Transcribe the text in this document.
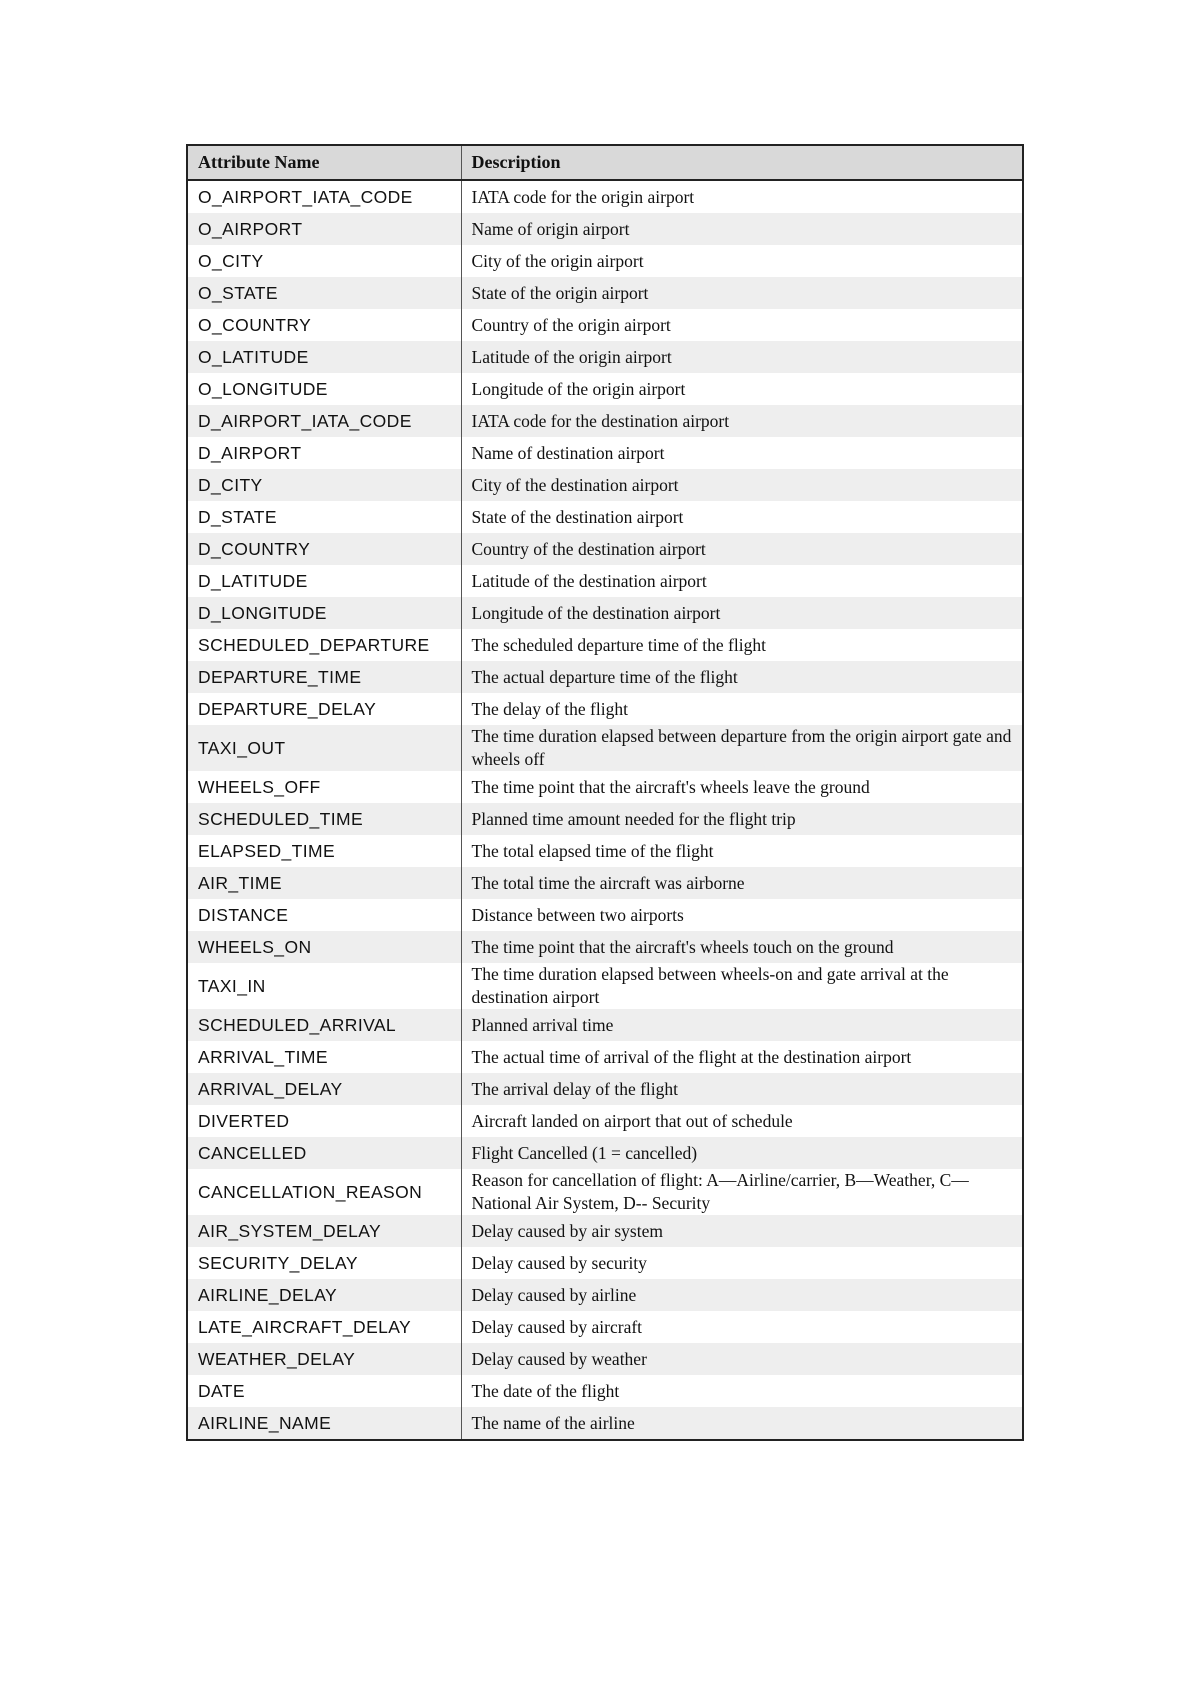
Attribute Name	Description
O_AIRPORT_IATA_CODE	IATA code for the origin airport
O_AIRPORT	Name of origin airport
O_CITY	City of the origin airport
O_STATE	State of the origin airport
O_COUNTRY	Country of the origin airport
O_LATITUDE	Latitude of the origin airport
O_LONGITUDE	Longitude of the origin airport
D_AIRPORT_IATA_CODE	IATA code for the destination airport
D_AIRPORT	Name of destination airport
D_CITY	City of the destination airport
D_STATE	State of the destination airport
D_COUNTRY	Country of the destination airport
D_LATITUDE	Latitude of the destination airport
D_LONGITUDE	Longitude of the destination airport
SCHEDULED_DEPARTURE	The scheduled departure time of the flight
DEPARTURE_TIME	The actual departure time of the flight
DEPARTURE_DELAY	The delay of the flight
TAXI_OUT	The time duration elapsed between departure from the origin airport gate and wheels off
WHEELS_OFF	The time point that the aircraft's wheels leave the ground
SCHEDULED_TIME	Planned time amount needed for the flight trip
ELAPSED_TIME	The total elapsed time of the flight
AIR_TIME	The total time the aircraft was airborne
DISTANCE	Distance between two airports
WHEELS_ON	The time point that the aircraft's wheels touch on the ground
TAXI_IN	The time duration elapsed between wheels-on and gate arrival at the destination airport
SCHEDULED_ARRIVAL	Planned arrival time
ARRIVAL_TIME	The actual time of arrival of the flight at the destination airport
ARRIVAL_DELAY	The arrival delay of the flight
DIVERTED	Aircraft landed on airport that out of schedule
CANCELLED	Flight Cancelled (1 = cancelled)
CANCELLATION_REASON	Reason for cancellation of flight: A—Airline/carrier, B—Weather, C—National Air System, D-- Security
AIR_SYSTEM_DELAY	Delay caused by air system
SECURITY_DELAY	Delay caused by security
AIRLINE_DELAY	Delay caused by airline
LATE_AIRCRAFT_DELAY	Delay caused by aircraft
WEATHER_DELAY	Delay caused by weather
DATE	The date of the flight
AIRLINE_NAME	The name of the airline
